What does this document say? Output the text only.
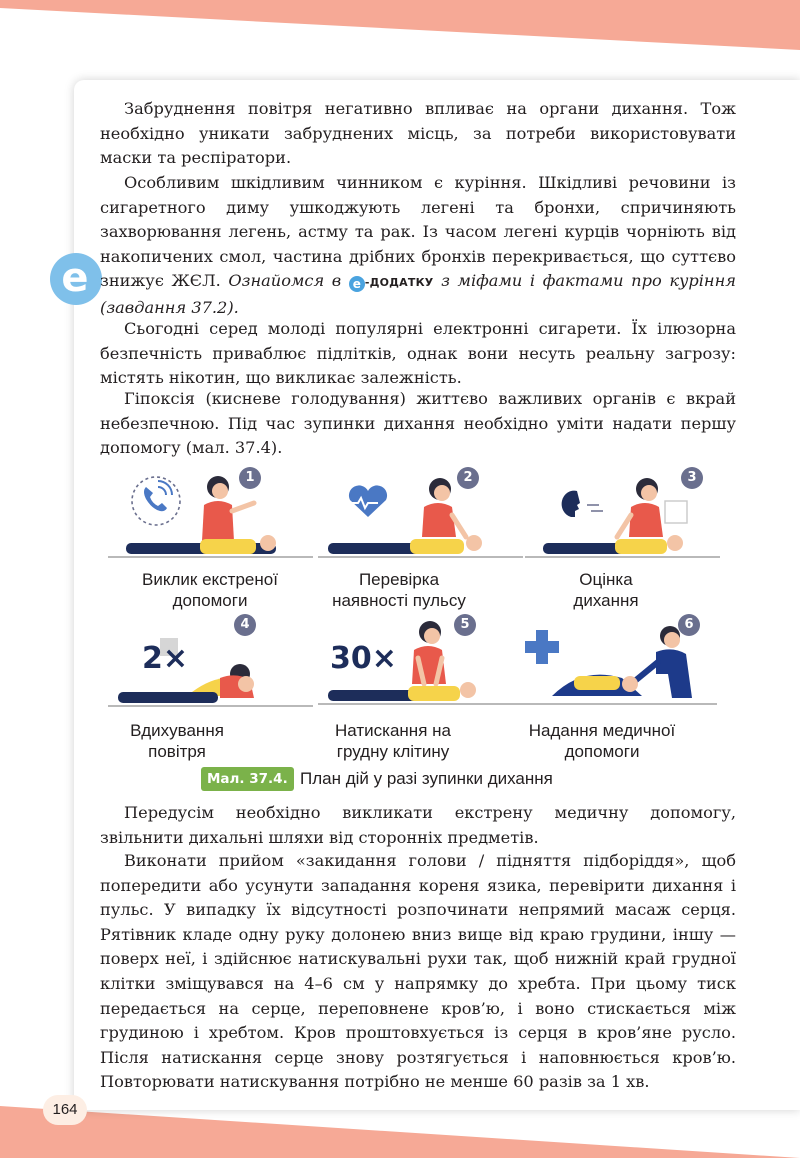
e

Забруднення повітря негативно впливає на органи дихання. Тож необхідно уникати забруднених місць, за потреби використовувати маски та респіратори.

Особливим шкідливим чинником є куріння. Шкідливі речовини із сигаретного диму ушкоджують легені та бронхи, спричиняють захворювання легень, астму та рак. Із часом легені курців чорніють від накопичених смол, частина дрібних бронхів перекривається, що суттєво знижує ЖЄЛ. Ознайомся в e -ДОДАТКУ з міфами і фактами про куріння (завдання 37.2).

Сьогодні серед молоді популярні електронні сигарети. Їх ілюзорна безпечність приваблює підлітків, однак вони несуть реальну загрозу: містять нікотин, що викликає залежність.

Гіпоксія (кисневе голодування) життєво важливих органів є вкрай небезпечною. Під час зупинки дихання необхідно уміти надати першу допомогу (мал. 37.4).

1
Виклик екстреної
допомоги
2
Перевірка
наявності пульсу
3
Оцінка
дихання
2×
4
Вдихування
повітря
30×
5
Натискання на
грудну клітину
6
Надання медичної
допомоги
Мал. 37.4. План дій у разі зупинки дихання

Передусім необхідно викликати екстрену медичну допомогу, звільнити дихальні шляхи від сторонніх предметів.

Виконати прийом «закидання голови / підняття підборіддя», щоб попередити або усунути западання кореня язика, перевірити дихання і пульс. У випадку їх відсутності розпочинати непрямий масаж серця. Рятівник кладе одну руку долонею вниз вище від краю грудини, іншу — поверх неї, і здійснює натискувальні рухи так, щоб нижній край грудної клітки зміщувався на 4–6 см у напрямку до хребта. При цьому тиск передається на серце, переповнене кров’ю, і воно стискається між грудиною і хребтом. Кров проштовхується із серця в кров’яне русло. Після натискання серце знову розтягується і наповнюється кров’ю. Повторювати натискування потрібно не менше 60 разів за 1 хв.

164
